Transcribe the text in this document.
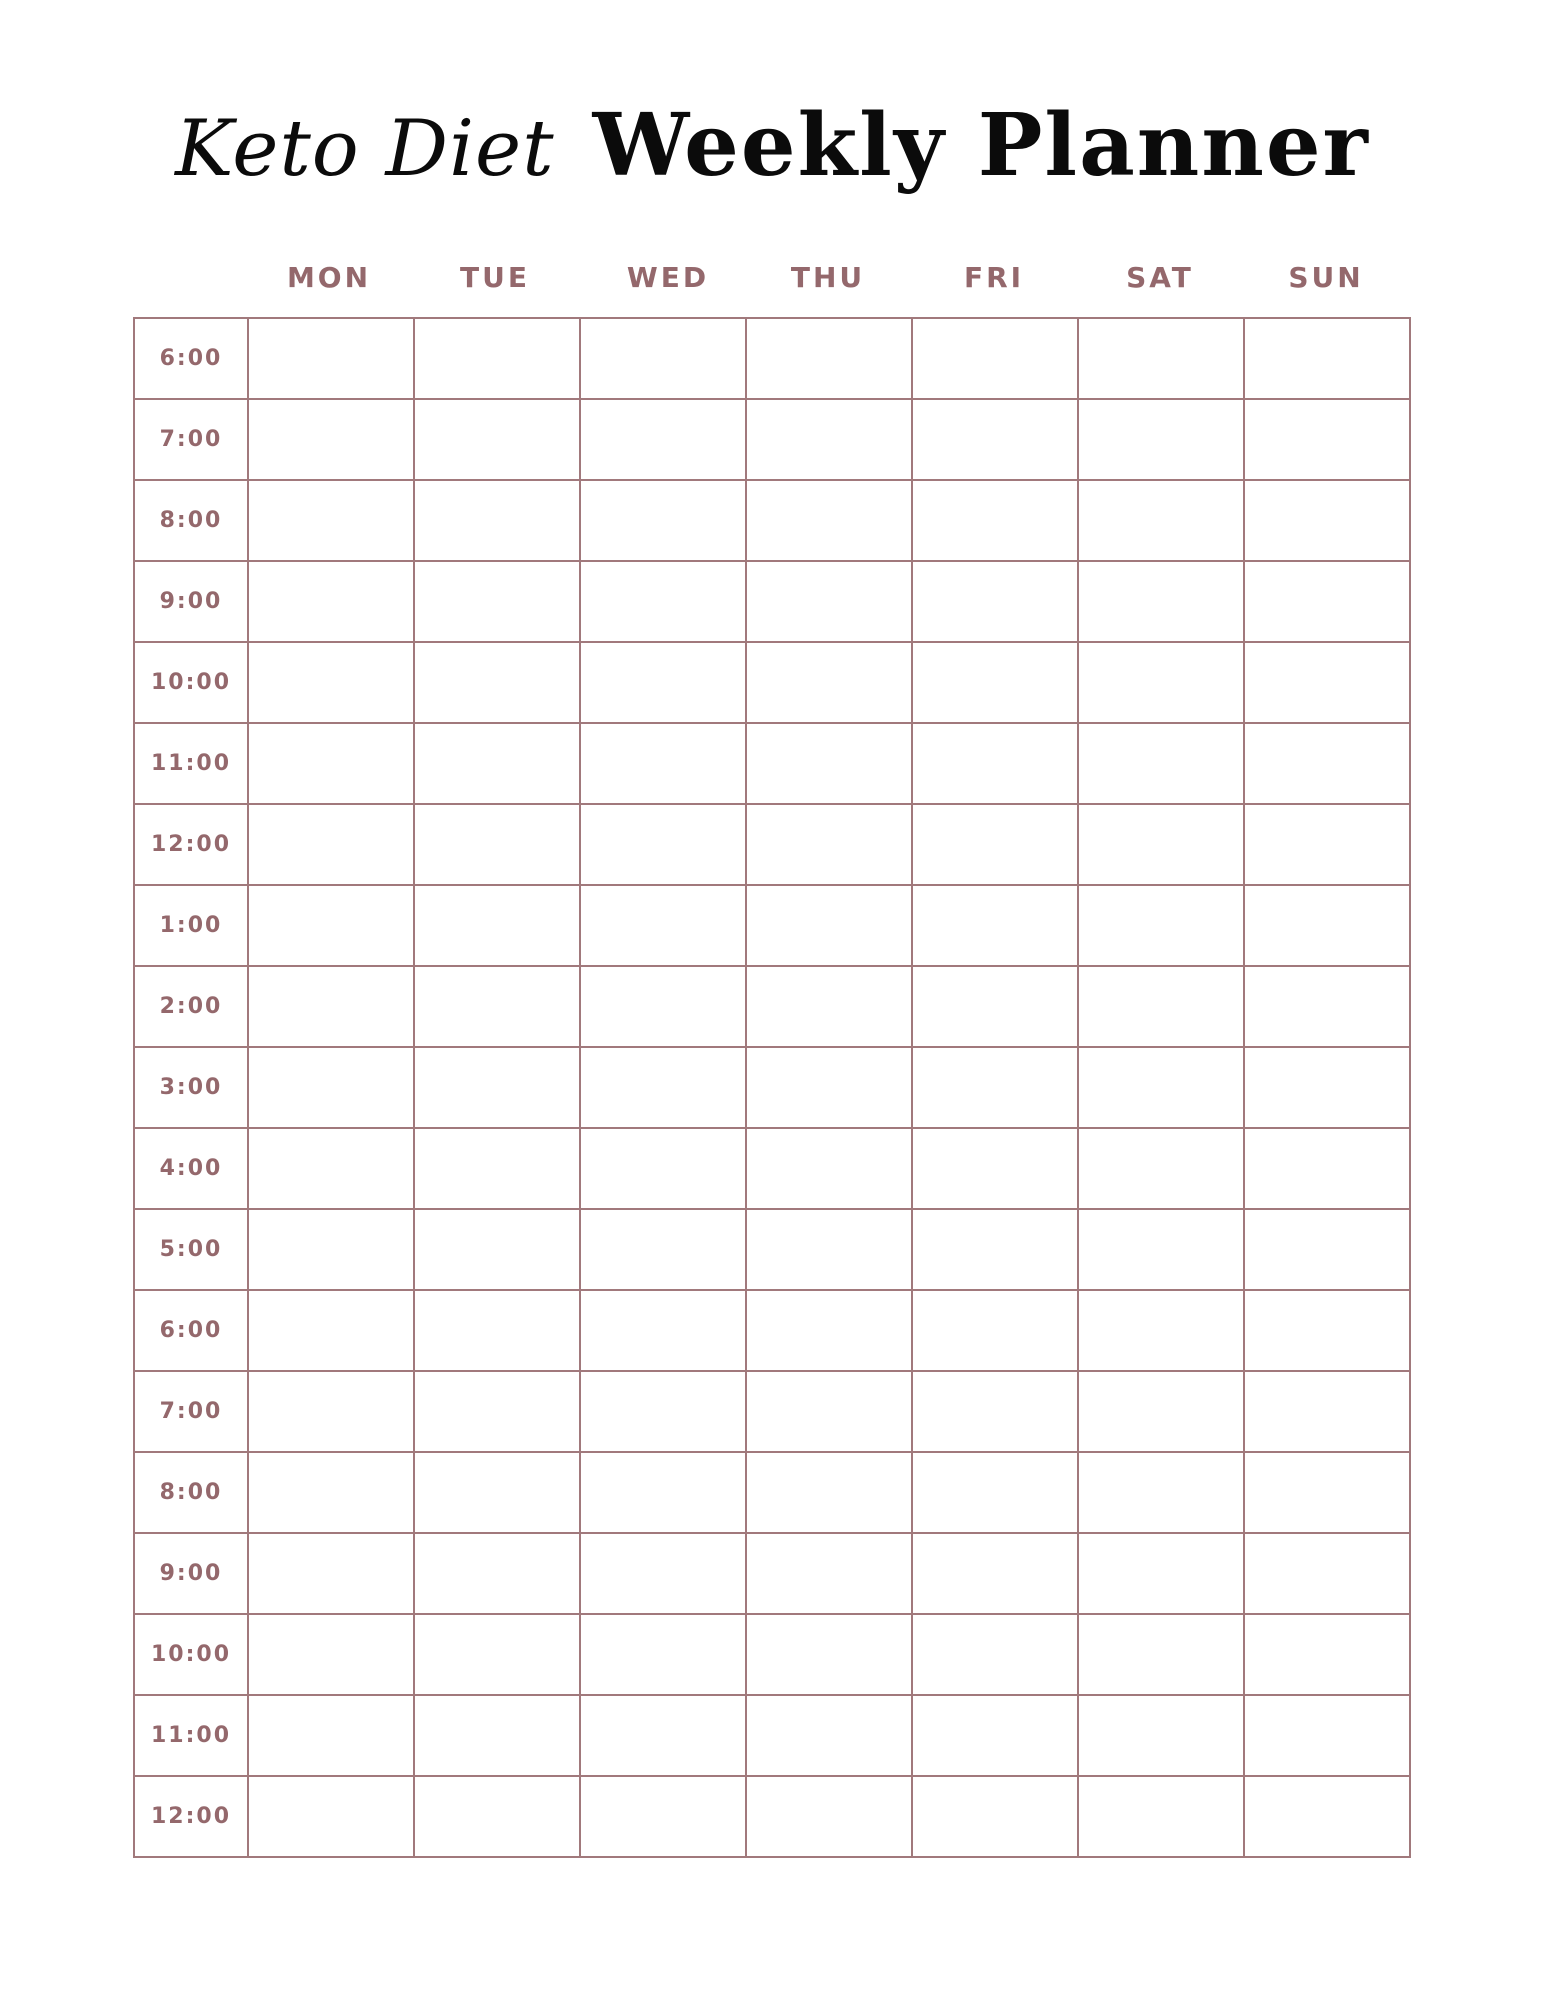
Keto Diet Weekly Planner
MON	TUE	WED	THU	FRI	SAT	SUN
6:00							
7:00							
8:00							
9:00							
10:00							
11:00							
12:00							
1:00							
2:00							
3:00							
4:00							
5:00							
6:00							
7:00							
8:00							
9:00							
10:00							
11:00							
12:00							
